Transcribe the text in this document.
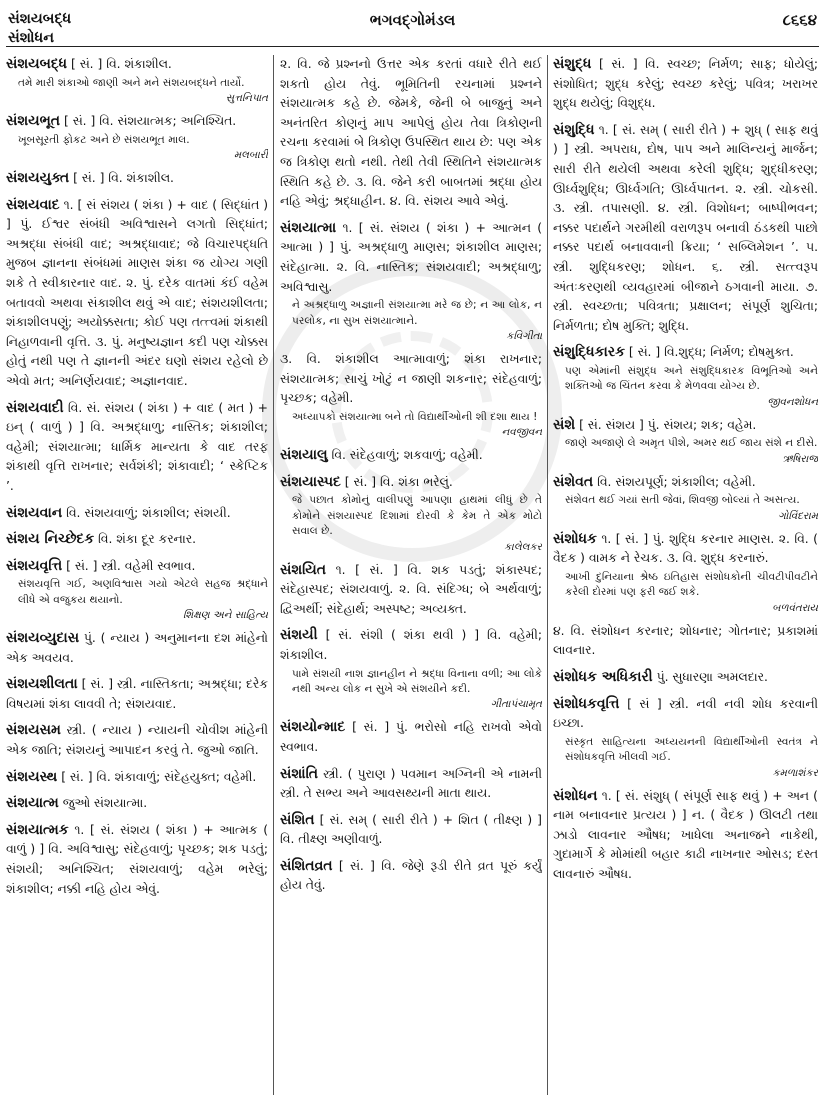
સંશયબદ્ધ
સંશોધન
ભગવદ્ગોમંડલ	૮૬૬૪
સંશયબદ્ધ [ સં. ] વિ. શંકાશીલ.
તમે મારી શંકાઓ જાણી અને મને સંશયબદ્ધને તાર્યો.
સુત્તનિપાત
સંશયભૂત [ સં. ] વિ. સંશયાત્મક; અનિશ્ચિત.
ખૂબસૂરતી ફોકટ અને છે સંશયભૂત માલ.
મલબારી
સંશયયુક્ત [ સં. ] વિ. શંકાશીલ.
સંશયવાદ ૧. [ સં સંશય ( શંકા ) + વાદ ( સિદ્ધાંત ) ] પું. ઈશ્વર સંબંધી અવિશ્વાસને લગતો સિદ્ધાંત; અશ્રદ્ધા સંબંધી વાદ; અશ્રદ્ધાવાદ; જે વિચારપદ્ધતિ મુજબ જ્ઞાનના સંબંધમાં માણસ શંકા જ યોગ્ય ગણી શકે તે સ્વીકારનાર વાદ. ૨. પું. દરેક વાતમાં કંઈ વહેમ બતાવવો અથવા સંકાશીલ થવું એ વાદ; સંશયશીલતા; શંકાશીલપણું; અયોક્કસતા; કોઈ પણ તત્ત્વમાં શંકાથી નિહાળવાની વૃત્તિ. ૩. પું. મનુષ્યજ્ઞાન કદી પણ ચોક્કસ હોતું નથી પણ તે જ્ઞાનની અંદર ઘણો સંશય રહેલો છે એવો મત; અનિર્ણયવાદ; અજ્ઞાનવાદ.
સંશયવાદી વિ. સં. સંશય ( શંકા ) + વાદ ( મત ) + ઇન્ ( વાળું ) ] વિ. અશ્રદ્ધાળુ; નાસ્તિક; શંકાશીલ; વહેમી; સંશયાત્મા; ધાર્મિક માન્યતા કે વાદ તરફ શંકાથી વૃત્તિ રાખનાર; સર્વશંકી; શંકાવાદી; ‘ સ્કેપ્ટિક ’.
સંશયવાન વિ. સંશયવાળું; શંકાશીલ; સંશયી.
સંશય નિચ્છેદક વિ. શંકા દૂર કરનાર.
સંશયવૃત્તિ [ સં. ] સ્ત્રી. વહેમી સ્વભાવ.
સંશયવૃત્તિ ગઈ, અણવિશ્વાસ ગયો એટલે સહજ શ્રદ્ધાને લીધે એ વજુકય થયાનો.
શિક્ષણ અને સાહિત્ય
સંશયવ્યુદાસ પું. ( ન્યાય ) અનુમાનના દશ માંહેનો એક અવયવ.
સંશયશીલતા [ સં. ] સ્ત્રી. નાસ્તિકતા; અશ્રદ્ધા; દરેક વિષયમાં શંકા લાવવી તે; સંશયવાદ.
સંશયસમ સ્ત્રી. ( ન્યાય ) ન્યાયની ચોવીશ માંહેની એક જાતિ; સંશયનું આપાદન કરવું તે. જુઓ જાતિ.
સંશયસ્થ [ સં. ] વિ. શંકાવાળું; સંદેહયુક્ત; વહેમી.
સંશયાત્મ જુઓ સંશયાત્મા.
સંશયાત્મક ૧. [ સં. સંશય ( શંકા ) + આત્મક ( વાળું ) ] વિ. અવિશ્વાસુ; સંદેહવાળું; પૃચ્છક; શક પડતું; સંશયી; અનિશ્ચિત; સંશયવાળું; વહેમ ભરેલું; શંકાશીલ; નક્કી નહિ હોય એવું.
૨. વિ. જે પ્રશ્નનો ઉત્તર એક કરતાં વધારે રીતે થઈ શકતો હોય તેવું. ભૂમિતિની રચનામાં પ્રશ્નને સંશયાત્મક કહે છે. જેમકે, જેની બે બાજુનું અને અનંતરિત કોણનું માપ આપેલું હોય તેવા ત્રિકોણની રચના કરવામાં બે ત્રિકોણ ઉપસ્થિત થાય છે: પણ એક જ ત્રિકોણ થતો નથી. તેથી તેવી સ્થિતિને સંશયાત્મક સ્થિતિ કહે છે. ૩. વિ. જેને કરી બાબતમાં શ્રદ્ધા હોય નહિ એવું; શ્રદ્ધાહીન. ૪. વિ. સંશય આવે એવું.
સંશયાત્મા ૧. [ સં. સંશય ( શંકા ) + આત્મન ( આત્મા ) ] પું. અશ્રદ્ધાળુ માણસ; શંકાશીલ માણસ; સંદેહાત્મા. ૨. વિ. નાસ્તિક; સંશયવાદી; અશ્રદ્ધાળુ; અવિશ્વાસુ.
ને અશ્રદ્ધાળુ અજ્ઞાની સંશયાત્મા મરે જ છે; ન આ લોક, ન પરલોક, ના સુખ સંશયાત્માને.
કવિગીતા
૩. વિ. શંકાશીલ આત્માવાળું; શંકા રાખનાર; સંશયાત્મક; સાચું ખોટું ન જાણી શકનાર; સંદેહવાળું; પૃચ્છક; વહેમી.
અધ્યાપકો સંશયાત્મા બને તો વિદ્યાર્થીઓની શી દશા થાય !
નવજીવન
સંશયાલુ વિ. સંદેહવાળું; શકવાળું; વહેમી.
સંશયાસ્પદ [ સં. ] વિ. શંકા ભરેલું.
જે પછાત કોમોનું વાલીપણું આપણા હાથમાં લીધું છે તે કોમોને સંશયાસ્પદ દિશામાં દોરવી કે કેમ તે એક મોટો સવાલ છે.
કાલેલકર
સંશયિત ૧. [ સં. ] વિ. શક પડતું; શંકાસ્પદ; સંદેહાસ્પદ; સંશયવાળું. ૨. વિ. સંદિગ્ધ; બે અર્થવાળું; દ્વિઅર્થી; સંદેહાર્થ; અસ્પષ્ટ; અવ્યક્ત.
સંશયી [ સં. સંશી ( શંકા થવી ) ] વિ. વહેમી; શંકાશીલ.
પામે સંશયી નાશ જ્ઞાનહીન ને શ્રદ્ધા વિનાના વળી; આ લોકે નથી અન્ય લોક ન સુખે એ સંશયીને કદી.
ગીતાપંચામૃત
સંશયોન્માદ [ સં. ] પું. ભરોસો નહિ રાખવો એવો સ્વભાવ.
સંશાંતિ સ્ત્રી. ( પુરાણ ) પવમાન અગ્નિની એ નામની સ્ત્રી. તે સભ્ય અને આવસથ્યની માતા થાય.
સંશિત [ સં. સમ્ ( સારી રીતે ) + શિત ( તીક્ષ્ણ ) ] વિ. તીક્ષ્ણ અણીવાળું.
સંશિતવ્રત [ સં. ] વિ. જેણે રૂડી રીતે વ્રત પૂરું કર્યું હોય તેવું.
સંશુદ્ધ [ સં. ] વિ. સ્વચ્છ; નિર્મળ; સાફ; ધોયેલું; સંશોધિત; શુદ્ધ કરેલું; સ્વચ્છ કરેલું; પવિત્ર; ખરાખર શુદ્ધ થયેલું; વિશુદ્ધ.
સંશુદ્ધિ ૧. [ સં. સમ્ ( સારી રીતે ) + શુધ્ ( સાફ થવું ) ] સ્ત્રી. અપરાધ, દોષ, પાપ અને માલિન્યનું માર્જન; સારી રીતે થયેલી અથવા કરેલી શુદ્ધિ; શુદ્ધીકરણ; ઊર્ધ્વશુદ્ધિ; ઊર્ધ્વગતિ; ઊર્ધ્વપાતન. ૨. સ્ત્રી. ચોકસી. ૩. સ્ત્રી. તપાસણી. ૪. સ્ત્રી. વિશોધન; બાષ્પીભવન; નક્કર પદાર્થને ગરમીથી વરાળરૂપ બનાવી ઠંડકથી પાછો નક્કર પદાર્થ બનાવવાની ક્રિયા; ‘ સબ્લિમેશન ’. ૫. સ્ત્રી. શુદ્ધિકરણ; શોધન. ૬. સ્ત્રી. સત્ત્વરૂપ અંતઃકરણથી વ્યવહારમાં બીજાને ઠગવાની માયા. ૭. સ્ત્રી. સ્વચ્છતા; પવિત્રતા; પ્રક્ષાલન; સંપૂર્ણ શુચિતા; નિર્મળતા; દોષ મુક્તિ; શુદ્ધિ.
સંશુદ્ધિકારક [ સં. ] વિ.શુદ્ધ; નિર્મળ; દોષમુક્ત.
પણ એમાંની સંશુદ્ધ અને સંશુદ્ધિકારક વિભૂતિઓ અને શક્તિઓ જ ચિંતન કરવા કે મેળવવા યોગ્ય છે.
જીવનશોધન
સંશે [ સં. સંશય ] પું. સંશય; શક; વહેમ.
જાણે અજાણે લે અમૃત પીશે, અમર થઈ જાય સંશે ન દીસે.
ઋષિરાજ
સંશેવત વિ. સંશયપૂર્ણ; શંકાશીલ; વહેમી.
સંશેવત થઈ ગયાં સતી જેવાં, શિવજી બોલ્યાં તે અસત્ય.
ગોવિંદરામ
સંશોધક ૧. [ સં. ] પું. શુદ્ધિ કરનાર માણસ. ૨. વિ. ( વૈદક ) વામક ને રેચક. ૩. વિ. શુદ્ધ કરનારું.
આખી દુનિયાના શ્રેષ્ઠ ઇતિહાસ સંશોધકોની ચીવટીપીવટીને કરેલી દોરમાં પણ ફરી જઈ શકે.
બળવંતરાય
૪. વિ. સંશોધન કરનાર; શોધનાર; ગોતનાર; પ્રકાશમાં લાવનાર.
સંશોધક અધિકારી પું. સુધારણા અમલદાર.
સંશોધકવૃત્તિ [ સં ] સ્ત્રી. નવી નવી શોધ કરવાની ઇચ્છા.
સંસ્કૃત સાહિત્યના અધ્યયનની વિદ્યાર્થીઓની સ્વતંત્ર ને સંશોધકવૃત્તિ ખીલવી ગઈ.
કમળાશંકર
સંશોધન ૧. [ સં. સંશુધ્ ( સંપૂર્ણ સાફ થવું ) + અન ( નામ બનાવનાર પ્રત્યય ) ] ન. ( વૈદક ) ઊલટી તથા ઝાડો લાવનાર ઔષધ; ખાધેલા અનાજને નાકેથી, ગુદામાર્ગે કે મોમાંથી બહાર કાઢી નાખનાર ઓસડ; દસ્ત લાવનારું ઔષધ.
